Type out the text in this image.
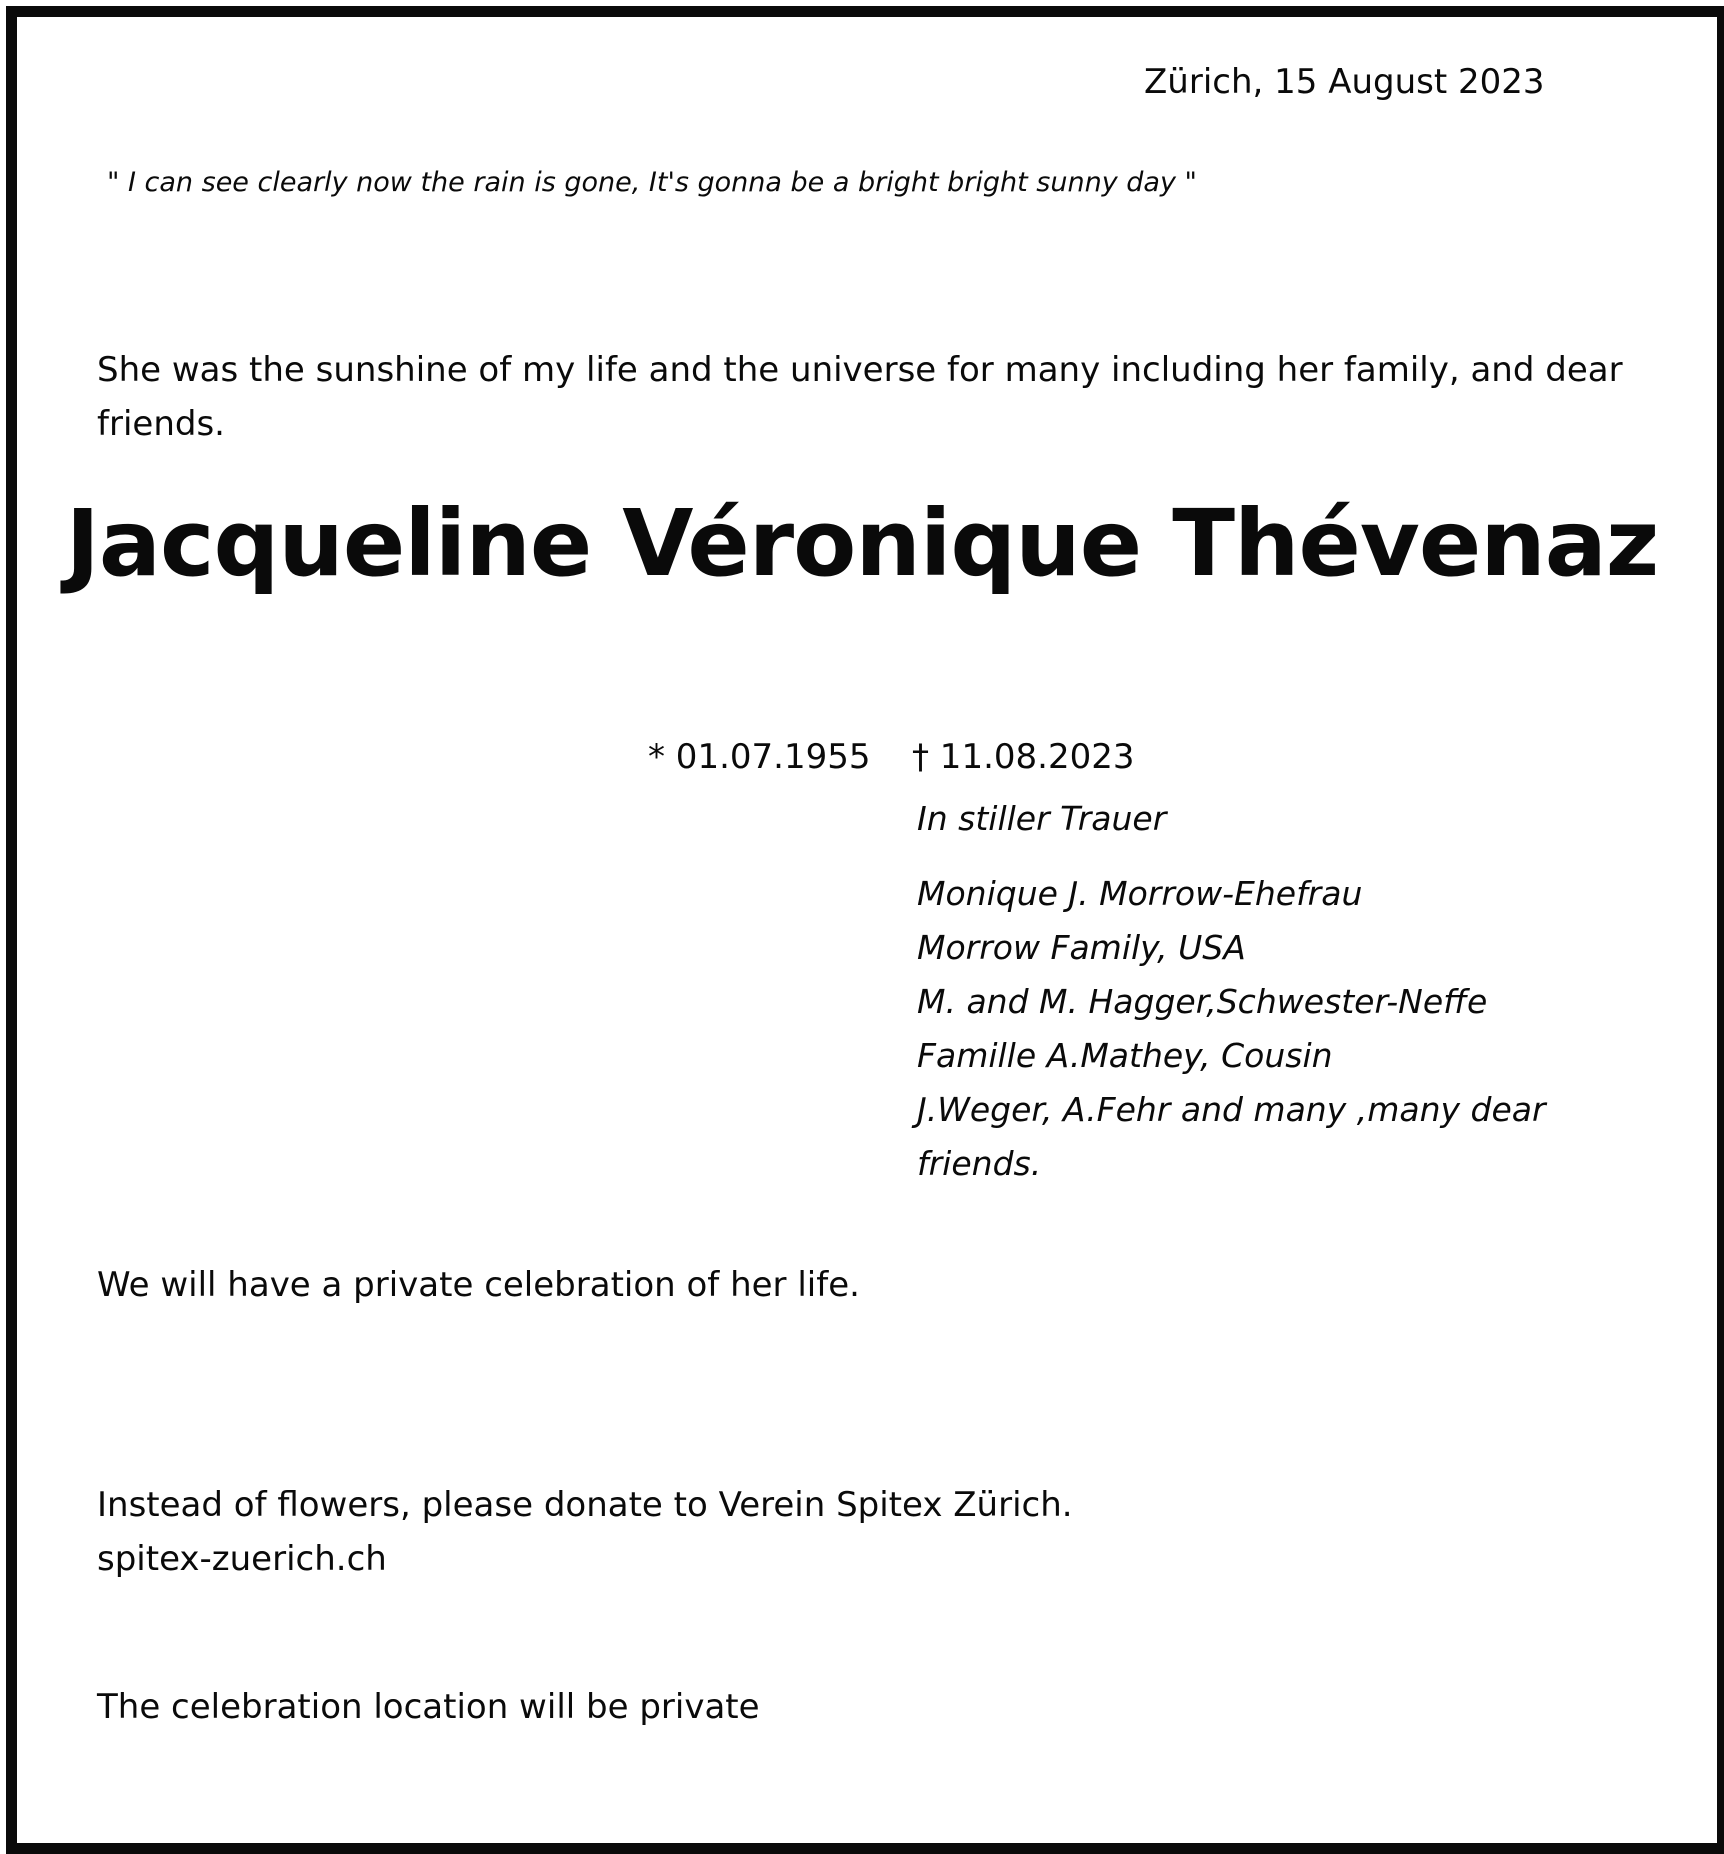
Zürich, 15 August 2023
" I can see clearly now the rain is gone, It's gonna be a bright bright sunny day "

She was the sunshine of my life and the universe for many including her family, and dear

friends.

Jacqueline Véronique Thévenaz
* 01.07.1955 † 11.08.2023
In stiller Trauer
Monique J. Morrow-Ehefrau
Morrow Family, USA
M. and M. Hagger,Schwester-Neffe
Famille A.Mathey, Cousin
J.Weger, A.Fehr and many ,many dear
friends.
We will have a private celebration of her life.

Instead of flowers, please donate to Verein Spitex Zürich.

spitex-zuerich.ch

The celebration location will be private
